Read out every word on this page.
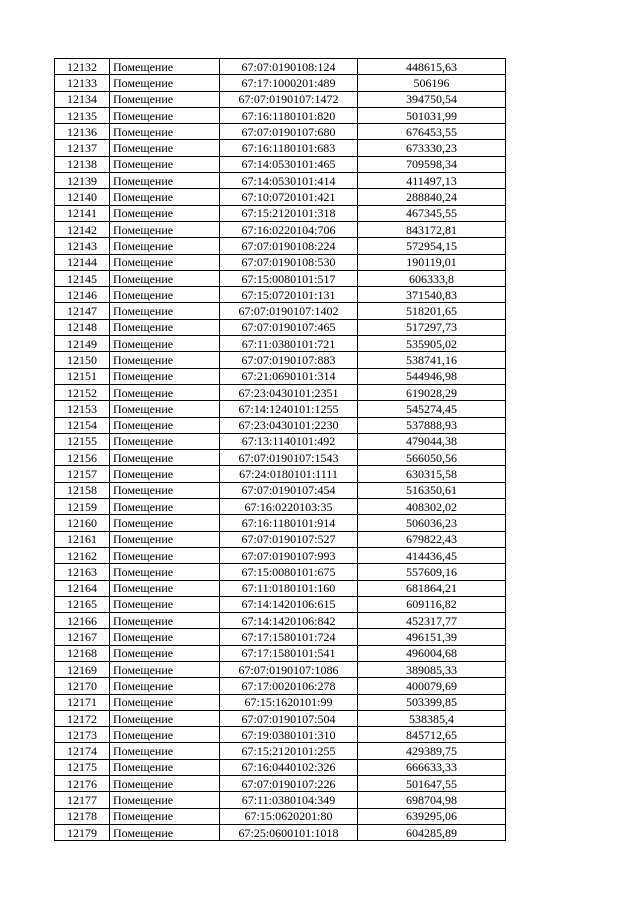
12132	Помещение	67:07:0190108:124	448615,63
12133	Помещение	67:17:1000201:489	506196
12134	Помещение	67:07:0190107:1472	394750,54
12135	Помещение	67:16:1180101:820	501031,99
12136	Помещение	67:07:0190107:680	676453,55
12137	Помещение	67:16:1180101:683	673330,23
12138	Помещение	67:14:0530101:465	709598,34
12139	Помещение	67:14:0530101:414	411497,13
12140	Помещение	67:10:0720101:421	288840,24
12141	Помещение	67:15:2120101:318	467345,55
12142	Помещение	67:16:0220104:706	843172,81
12143	Помещение	67:07:0190108:224	572954,15
12144	Помещение	67:07:0190108:530	190119,01
12145	Помещение	67:15:0080101:517	606333,8
12146	Помещение	67:15:0720101:131	371540,83
12147	Помещение	67:07:0190107:1402	518201,65
12148	Помещение	67:07:0190107:465	517297,73
12149	Помещение	67:11:0380101:721	535905,02
12150	Помещение	67:07:0190107:883	538741,16
12151	Помещение	67:21:0690101:314	544946,98
12152	Помещение	67:23:0430101:2351	619028,29
12153	Помещение	67:14:1240101:1255	545274,45
12154	Помещение	67:23:0430101:2230	537888,93
12155	Помещение	67:13:1140101:492	479044,38
12156	Помещение	67:07:0190107:1543	566050,56
12157	Помещение	67:24:0180101:1111	630315,58
12158	Помещение	67:07:0190107:454	516350,61
12159	Помещение	67:16:0220103:35	408302,02
12160	Помещение	67:16:1180101:914	506036,23
12161	Помещение	67:07:0190107:527	679822,43
12162	Помещение	67:07:0190107:993	414436,45
12163	Помещение	67:15:0080101:675	557609,16
12164	Помещение	67:11:0180101:160	681864,21
12165	Помещение	67:14:1420106:615	609116,82
12166	Помещение	67:14:1420106:842	452317,77
12167	Помещение	67:17:1580101:724	496151,39
12168	Помещение	67:17:1580101:541	496004,68
12169	Помещение	67:07:0190107:1086	389085,33
12170	Помещение	67:17:0020106:278	400079,69
12171	Помещение	67:15:1620101:99	503399,85
12172	Помещение	67:07:0190107:504	538385,4
12173	Помещение	67:19:0380101:310	845712,65
12174	Помещение	67:15:2120101:255	429389,75
12175	Помещение	67:16:0440102:326	666633,33
12176	Помещение	67:07:0190107:226	501647,55
12177	Помещение	67:11:0380104:349	698704,98
12178	Помещение	67:15:0620201:80	639295,06
12179	Помещение	67:25:0600101:1018	604285,89
